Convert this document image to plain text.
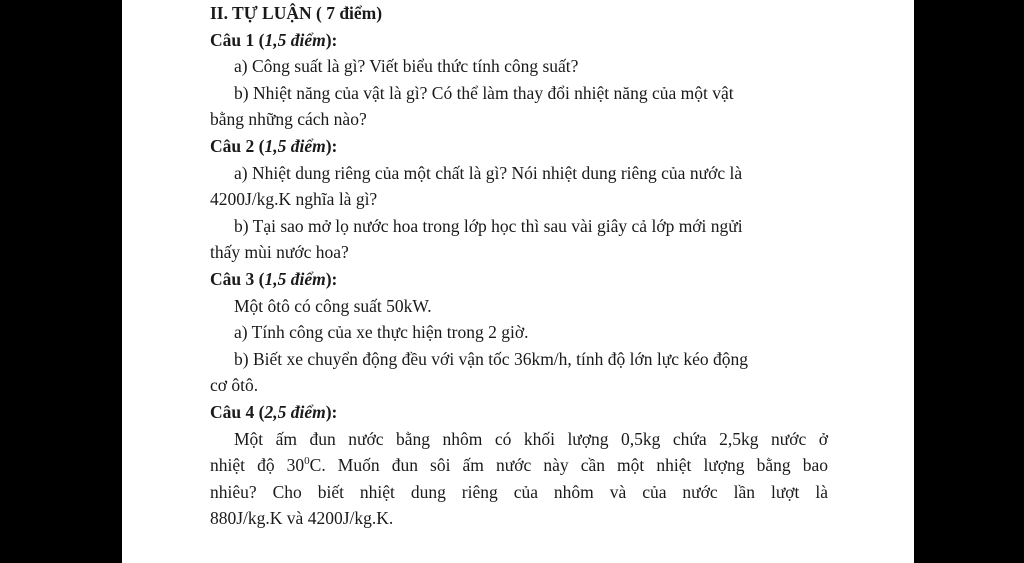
II. TỰ LUẬN ( 7 điểm)
Câu 1 (1,5 điểm):
a) Công suất là gì? Viết biểu thức tính công suất?
b) Nhiệt năng của vật là gì? Có thể làm thay đổi nhiệt năng của một vật
bằng những cách nào?
Câu 2 (1,5 điểm):
a) Nhiệt dung riêng của một chất là gì? Nói nhiệt dung riêng của nước là
4200J/kg.K nghĩa là gì?
b) Tại sao mở lọ nước hoa trong lớp học thì sau vài giây cả lớp mới ngửi
thấy mùi nước hoa?
Câu 3 (1,5 điểm):
Một ôtô có công suất 50kW.
a) Tính công của xe thực hiện trong 2 giờ.
b) Biết xe chuyển động đều với vận tốc 36km/h, tính độ lớn lực kéo động
cơ ôtô.
Câu 4 (2,5 điểm):
Một ấm đun nước bằng nhôm có khối lượng 0,5kg chứa 2,5kg nước ở
nhiệt độ $30^0C$. Muốn đun sôi ấm nước này cần một nhiệt lượng bằng bao
nhiêu? Cho biết nhiệt dung riêng của nhôm và của nước lần lượt là
880J/kg.K và 4200J/kg.K.
